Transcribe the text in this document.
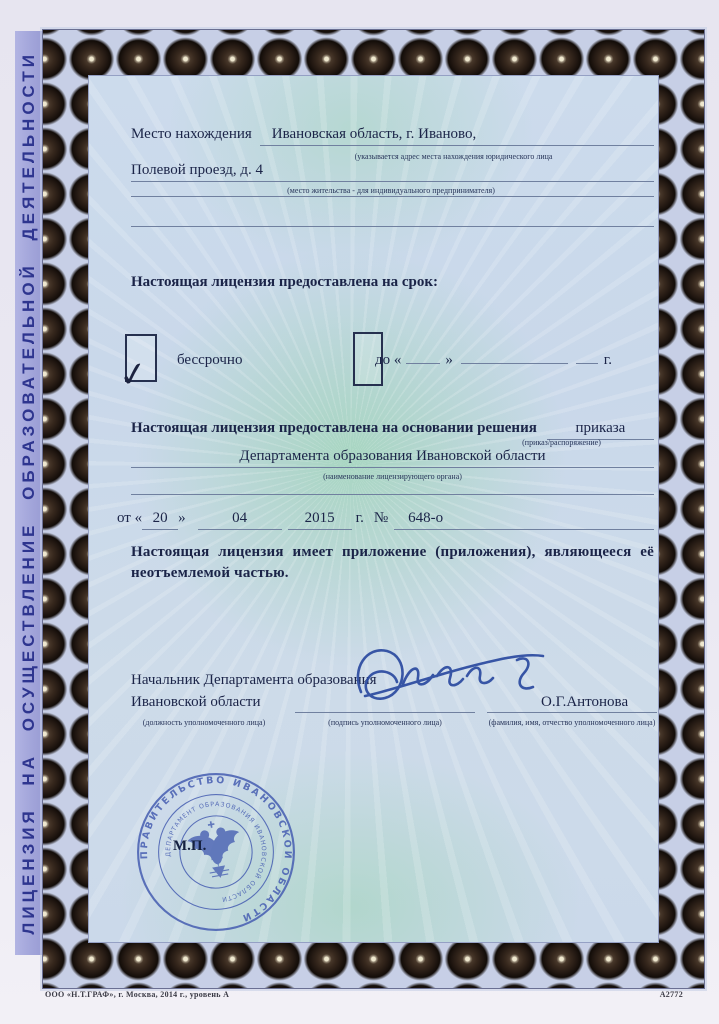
ЛИЦЕНЗИЯ НА ОСУЩЕСТВЛЕНИЕ ОБРАЗОВАТЕЛЬНОЙ ДЕЯТЕЛЬНОСТИ	Место нахождения	Ивановская область, г. Иваново,
(указывается адрес места нахождения юридического лица
Полевой проезд, д. 4
(место жительства - для индивидуального предпринимателя)
Настоящая лицензия предоставлена на срок:
✓ бессрочно	до «	»	г.
Настоящая лицензия предоставлена на основании решения	приказа
(приказ/распоряжение)
Департамента образования Ивановской области
(наименование лицензирующего органа)
от « 20 »	04	2015	г. №	648-о
Настоящая лицензия имеет приложение (приложения), являющееся её неотъемлемой частью.
Начальник Департамента образования
Ивановской области	О.Г.Антонова
(должность уполномоченного лица)	(подпись уполномоченного лица)	(фамилия, имя, отчество уполномоченного лица)
ПРАВИТЕЛЬСТВО ИВАНОВСКОЙ ОБЛАСТИ
ДЕПАРТАМЕНТ ОБРАЗОВАНИЯ ИВАНОВСКОЙ ОБЛАСТИ
М.П.
ООО «Н.Т.ГРАФ», г. Москва, 2014 г., уровень А	А2772
